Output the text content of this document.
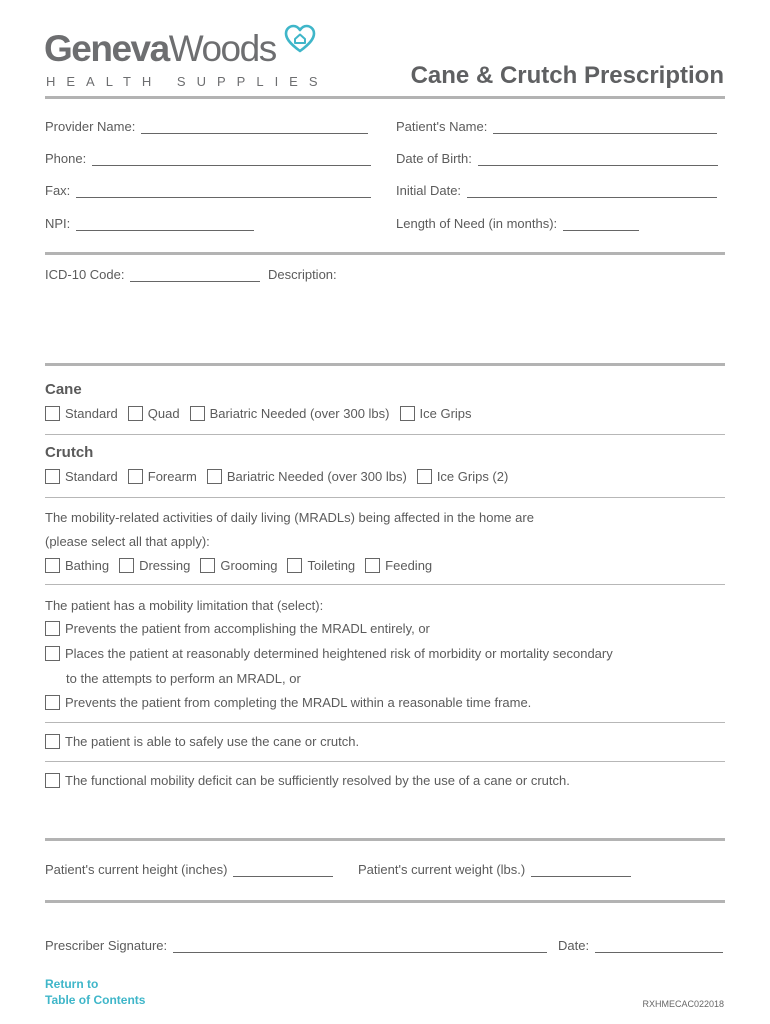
GenevaWoods
HEALTH SUPPLIES	Cane & Crutch Prescription
Provider Name:	Patient's Name:
Phone:	Date of Birth:
Fax:	Initial Date:
NPI:	Length of Need (in months):
ICD-10 Code:	Description:
Cane
Standard Quad Bariatric Needed (over 300 lbs) Ice Grips
Crutch
Standard Forearm Bariatric Needed (over 300 lbs) Ice Grips (2)
The mobility-related activities of daily living (MRADLs) being affected in the home are
(please select all that apply):
Bathing Dressing Grooming Toileting Feeding
The patient has a mobility limitation that (select):
Prevents the patient from accomplishing the MRADL entirely, or
Places the patient at reasonably determined heightened risk of morbidity or mortality secondary
to the attempts to perform an MRADL, or
Prevents the patient from completing the MRADL within a reasonable time frame.
The patient is able to safely use the cane or crutch.
The functional mobility deficit can be sufficiently resolved by the use of a cane or crutch.
Patient's current height (inches)	Patient's current weight (lbs.)
Prescriber Signature:	Date:
Return to
Table of Contents	RXHMECAC022018
